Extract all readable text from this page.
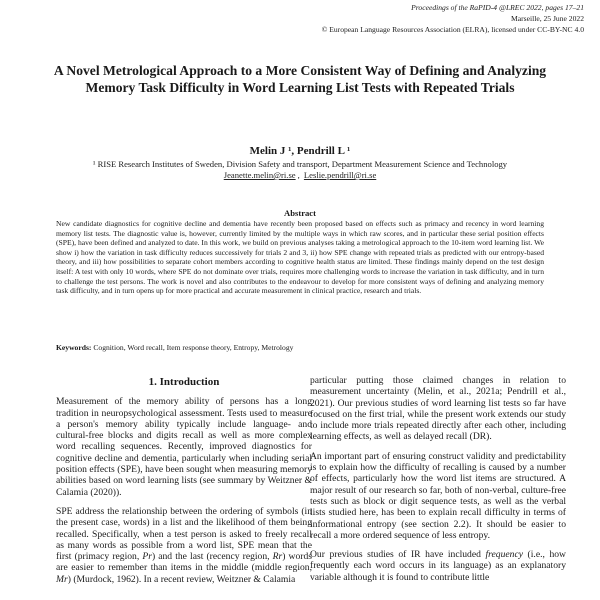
Proceedings of the RaPID-4 @LREC 2022, pages 17–21
Marseille, 25 June 2022
© European Language Resources Association (ELRA), licensed under CC-BY-NC 4.0
A Novel Metrological Approach to a More Consistent Way of Defining and Analyzing Memory Task Difficulty in Word Learning List Tests with Repeated Trials
Melin J ¹, Pendrill L ¹
¹ RISE Research Institutes of Sweden, Division Safety and transport, Department Measurement Science and Technology
Jeanette.melin@ri.se , Leslie.pendrill@ri.se
Abstract
New candidate diagnostics for cognitive decline and dementia have recently been proposed based on effects such as primacy and recency in word learning memory list tests. The diagnostic value is, however, currently limited by the multiple ways in which raw scores, and in particular these serial position effects (SPE), have been defined and analyzed to date. In this work, we build on previous analyses taking a metrological approach to the 10-item word learning list. We show i) how the variation in task difficulty reduces successively for trials 2 and 3, ii) how SPE change with repeated trials as predicted with our entropy-based theory, and iii) how possibilities to separate cohort members according to cognitive health status are limited. These findings mainly depend on the test design itself: A test with only 10 words, where SPE do not dominate over trials, requires more challenging words to increase the variation in task difficulty, and in turn to challenge the test persons. The work is novel and also contributes to the endeavour to develop for more consistent ways of defining and analyzing memory task difficulty, and in turn opens up for more practical and accurate measurement in clinical practice, research and trials.
Keywords: Cognition, Word recall, Item response theory, Entropy, Metrology
1. Introduction

Measurement of the memory ability of persons has a long tradition in neuropsychological assessment. Tests used to measure a person's memory ability typically include language- and cultural-free blocks and digits recall as well as more complex word recalling sequences. Recently, improved diagnostics for cognitive decline and dementia, particularly when including serial position effects (SPE), have been sought when measuring memory abilities based on word learning lists (see summary by Weitzner & Calamia (2020)).

SPE address the relationship between the ordering of symbols (in the present case, words) in a list and the likelihood of them being recalled. Specifically, when a test person is asked to freely recall as many words as possible from a word list, SPE mean that the first (primacy region, Pr) and the last (recency region, Rr) words are easier to remember than items in the middle (middle region, Mr) (Murdock, 1962). In a recent review, Weitzner & Calamia

particular putting those claimed changes in relation to measurement uncertainty (Melin, et al., 2021a; Pendrill et al., 2021). Our previous studies of word learning list tests so far have focused on the first trial, while the present work extends our study to include more trials repeated directly after each other, including learning effects, as well as delayed recall (DR).

An important part of ensuring construct validity and predictability is to explain how the difficulty of recalling is caused by a number of effects, particularly how the word list items are structured. A major result of our research so far, both of non-verbal, culture-free tests such as block or digit sequence tests, as well as the verbal lists studied here, has been to explain recall difficulty in terms of informational entropy (see section 2.2). It should be easier to recall a more ordered sequence of less entropy.

Our previous studies of IR have included frequency (i.e., how frequently each word occurs in its language) as an explanatory variable although it is found to contribute little
